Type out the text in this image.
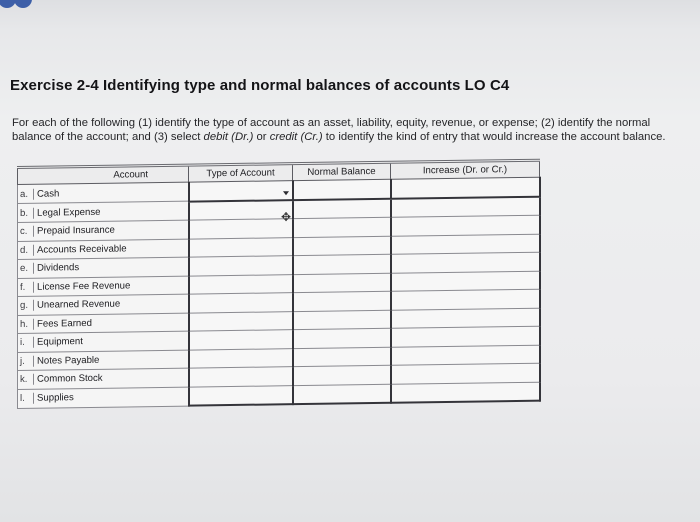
Exercise 2-4 Identifying type and normal balances of accounts LO C4

For each of the following (1) identify the type of account as an asset, liability, equity, revenue, or expense; (2) identify the normal
balance of the account; and (3) select debit (Dr.) or credit (Cr.) to identify the kind of entry that would increase the account balance.

Account	Type of Account	Normal Balance	Increase (Dr. or Cr.)
a. Cash	

b. Legal Expense			
c. Prepaid Insurance			
d. Accounts Receivable			
e. Dividends			
f. License Fee Revenue			
g. Unearned Revenue			
h. Fees Earned			
i. Equipment			
j. Notes Payable			
k. Common Stock			
l. Supplies			
✥
